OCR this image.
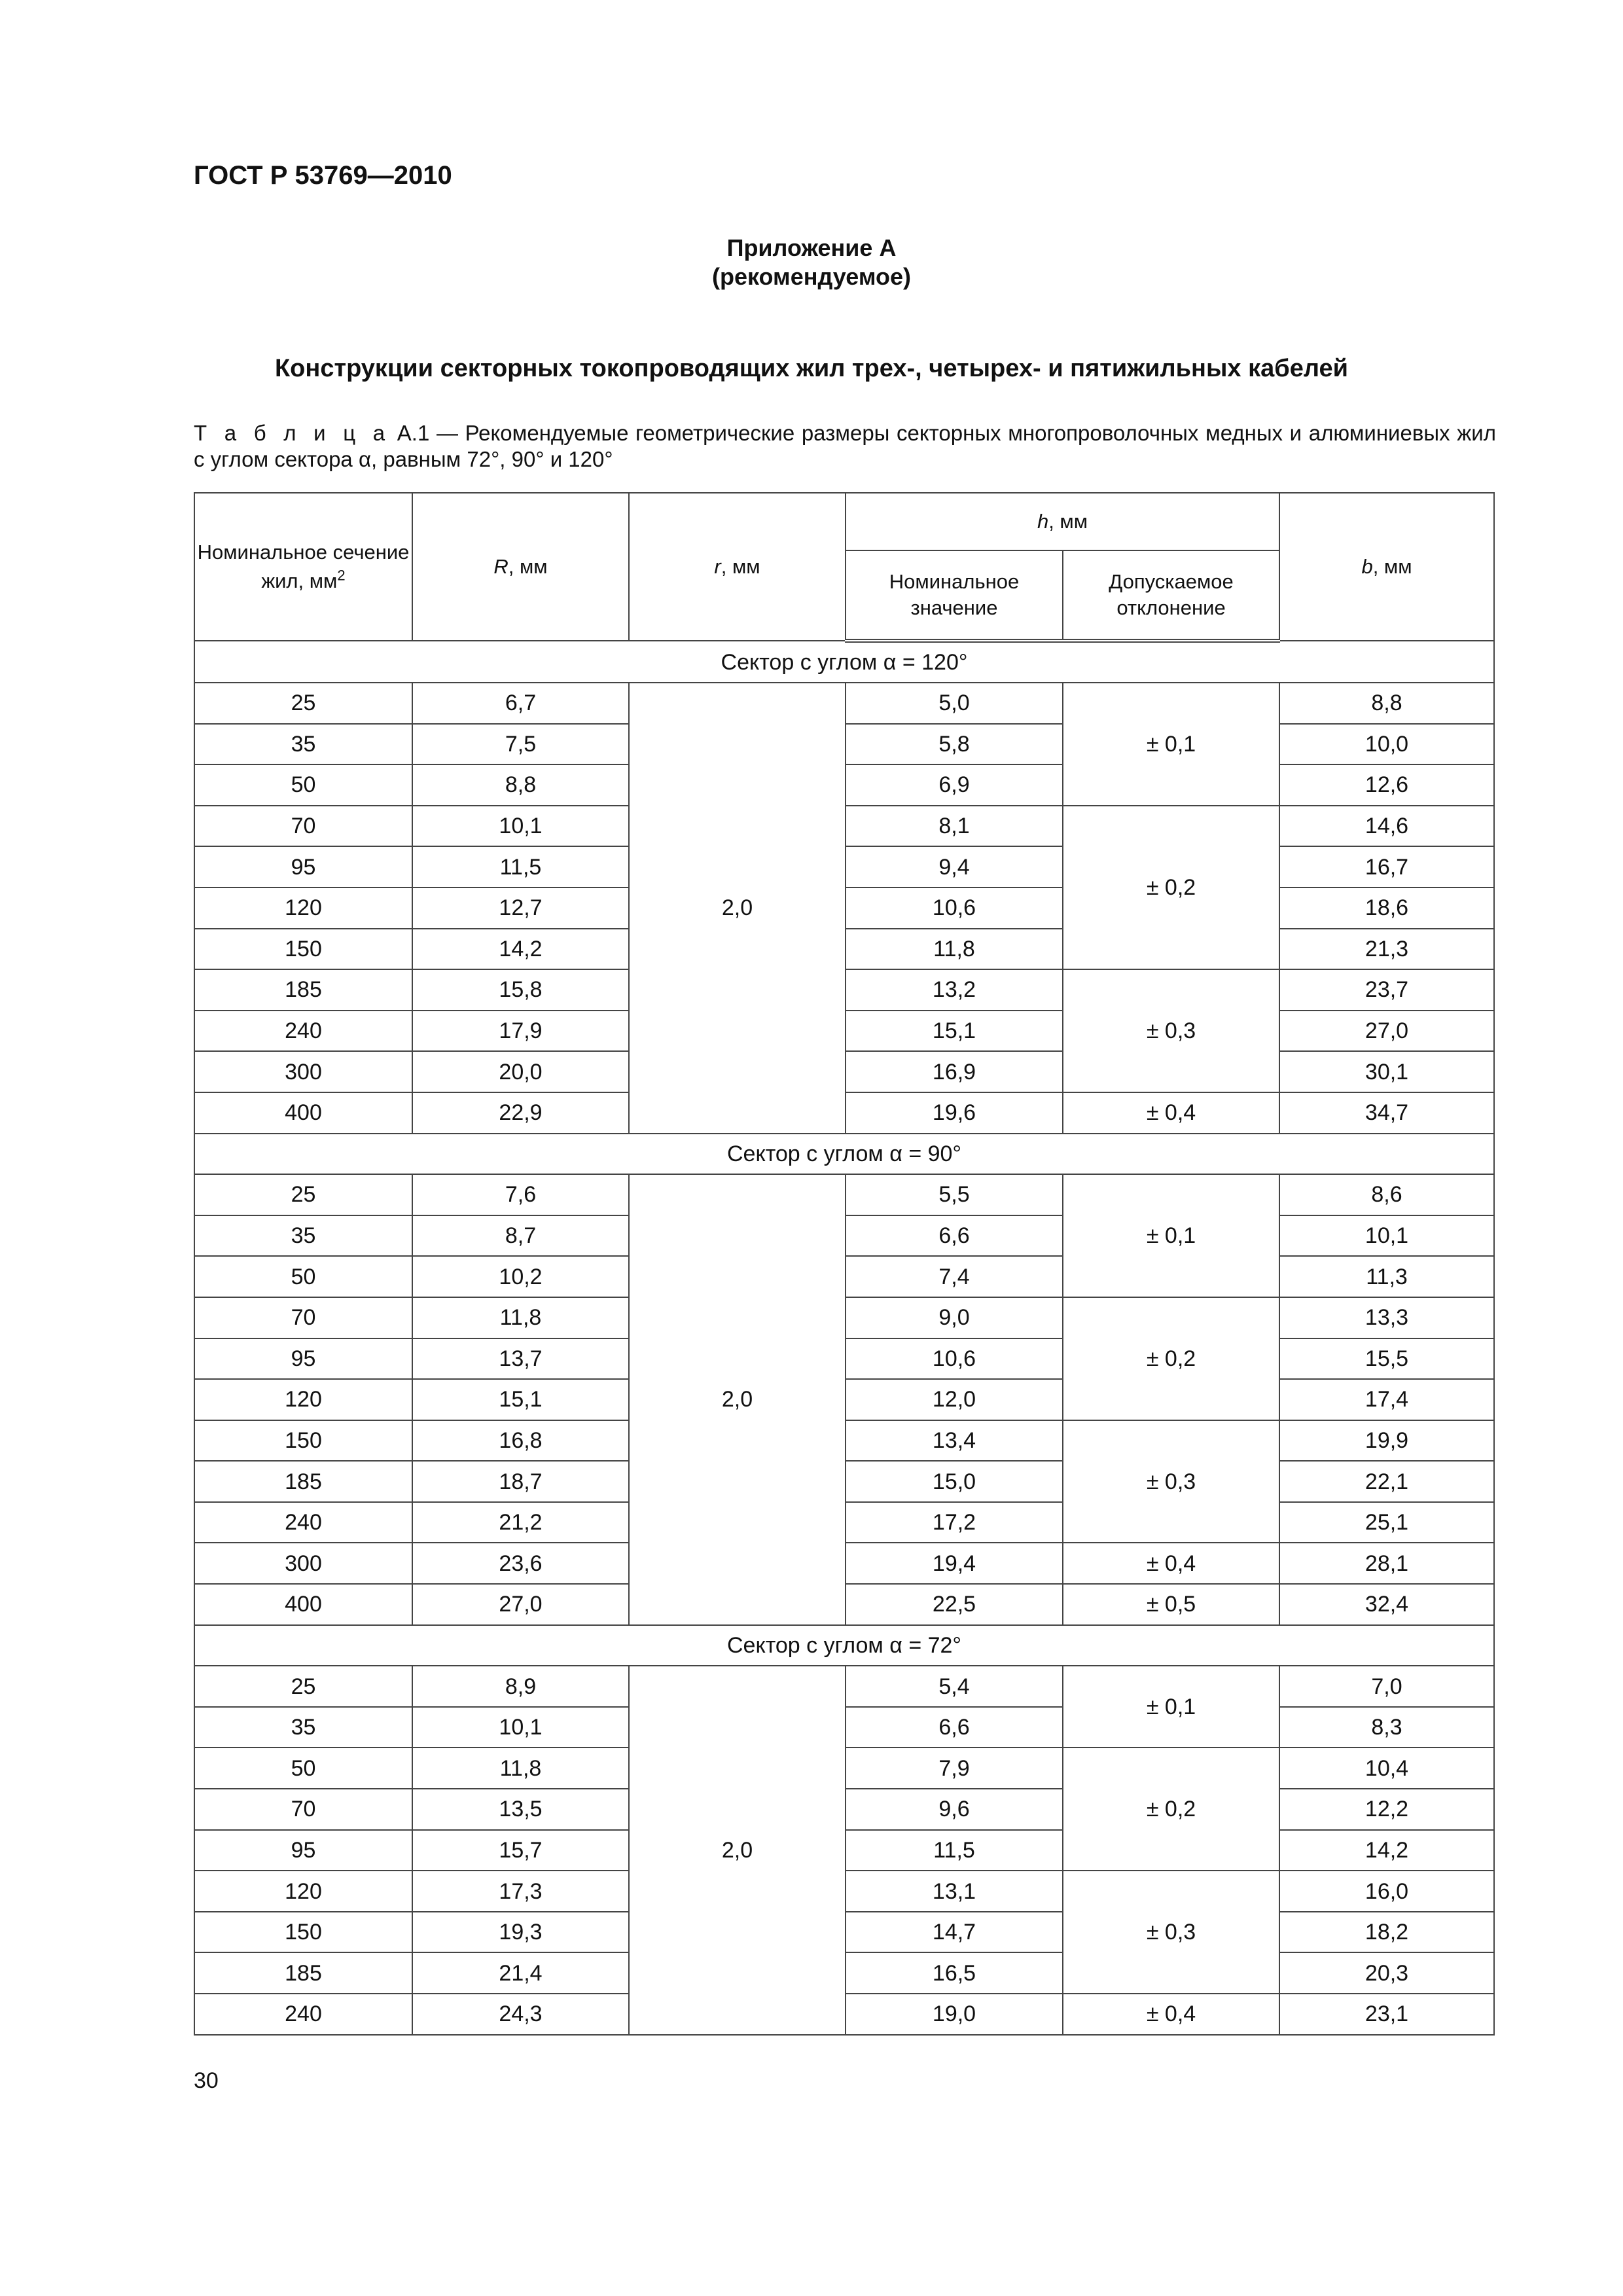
ГОСТ Р 53769—2010
Приложение А
(рекомендуемое)
Конструкции секторных токопроводящих жил трех-, четырех- и пятижильных кабелей
Т а б л и ц а А.1 — Рекомендуемые геометрические размеры секторных многопроволочных медных и алюминиевых жил с углом сектора α, равным 72°, 90° и 120°
Номинальное сечение жил, $мм^2$	R, мм	r, мм	h, мм		b, мм
			Номинальное значение	Допускаемое отклонение	
Сектор с углом α = 120°					
25	6,7	2,0	5,0	± 0,1	8,8
35	7,5		5,8		10,0
50	8,8		6,9		12,6
70	10,1		8,1	± 0,2	14,6
95	11,5		9,4		16,7
120	12,7		10,6		18,6
150	14,2		11,8		21,3
185	15,8		13,2	± 0,3	23,7
240	17,9		15,1		27,0
300	20,0		16,9		30,1
400	22,9		19,6	± 0,4	34,7
Сектор с углом α = 90°					
25	7,6	2,0	5,5	± 0,1	8,6
35	8,7		6,6		10,1
50	10,2		7,4		11,3
70	11,8		9,0	± 0,2	13,3
95	13,7		10,6		15,5
120	15,1		12,0		17,4
150	16,8		13,4	± 0,3	19,9
185	18,7		15,0		22,1
240	21,2		17,2		25,1
300	23,6		19,4	± 0,4	28,1
400	27,0		22,5	± 0,5	32,4
Сектор с углом α = 72°					
25	8,9	2,0	5,4	± 0,1	7,0
35	10,1		6,6		8,3
50	11,8		7,9	± 0,2	10,4
70	13,5		9,6		12,2
95	15,7		11,5		14,2
120	17,3		13,1	± 0,3	16,0
150	19,3		14,7		18,2
185	21,4		16,5		20,3
240	24,3		19,0	± 0,4	23,1
30
